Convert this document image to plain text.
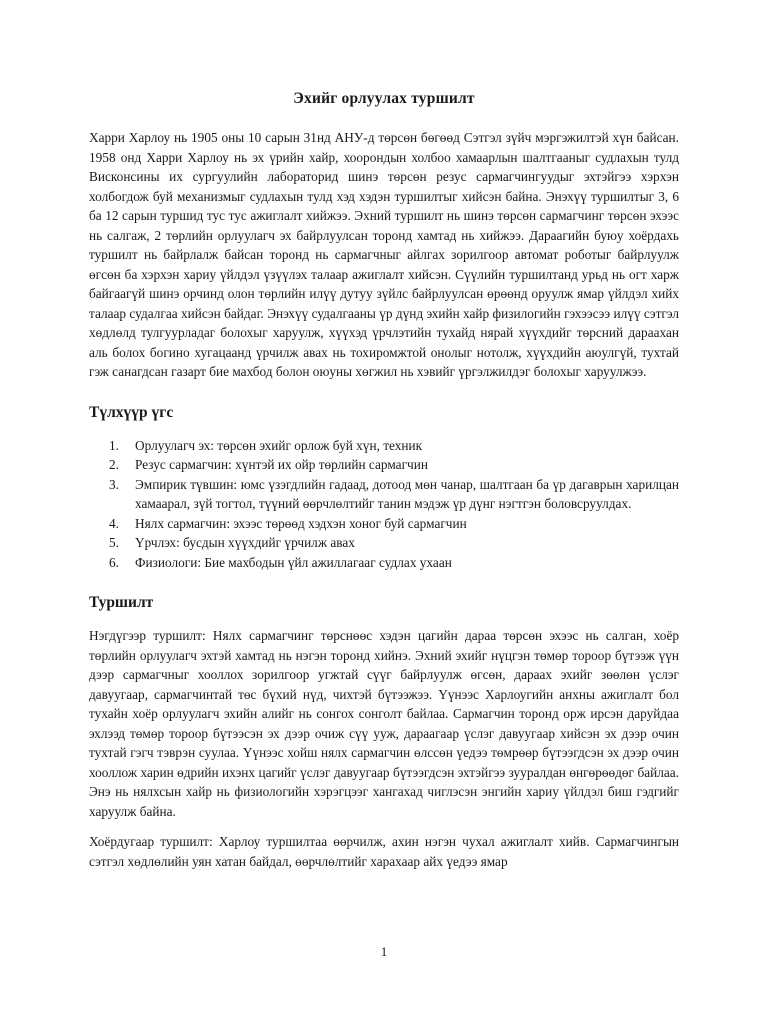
Эхийг орлуулах туршилт

Харри Харлоу нь 1905 оны 10 сарын 31нд АНУ-д төрсөн бөгөөд Сэтгэл зүйч мэргэжилтэй хүн байсан. 1958 онд Харри Харлоу нь эх үрийн хайр, хоорондын холбоо хамаарлын шалтгааныг судлахын тулд Висконсины их сургуулийн лабораторид шинэ төрсөн резус сармагчингуудыг эхтэйгээ хэрхэн холбогдож буй механизмыг судлахын тулд хэд хэдэн туршилтыг хийсэн байна. Энэхүү туршилтыг 3, 6 ба 12 сарын туршид тус тус ажиглалт хийжээ. Эхний туршилт нь шинэ төрсөн сармагчинг төрсөн эхээс нь салгаж, 2 төрлийн орлуулагч эх байрлуулсан торонд хамтад нь хийжээ. Дараагийн буюу хоёрдахь туршилт нь байрлалж байсан торонд нь сармагчныг айлгах зорилгоор автомат роботыг байрлуулж өгсөн ба хэрхэн хариу үйлдэл үзүүлэх талаар ажиглалт хийсэн. Сүүлийн туршилтанд урьд нь огт харж байгаагүй шинэ орчинд олон төрлийн илүү дутуу зүйлс байрлуулсан өрөөнд оруулж ямар үйлдэл хийх талаар судалгаа хийсэн байдаг. Энэхүү судалгааны үр дүнд эхийн хайр физилогийн гэхээсээ илүү сэтгэл хөдлөлд тулгуурладаг болохыг харуулж, хүүхэд үрчлэтийн тухайд нярай хүүхдийг төрсний дараахан аль болох богино хугацаанд үрчилж авах нь тохиромжтой онолыг нотолж, хүүхдийн аюулгүй, тухтай гэж санагдсан газарт бие махбод болон оюуны хөгжил нь хэвийг үргэлжилдэг болохыг харуулжээ.

Түлхүүр үгс
1.	Орлуулагч эх: төрсөн эхийг орлож буй хүн, техник
2.	Резус сармагчин: хүнтэй их ойр төрлийн сармагчин
3.	Эмпирик түвшин: юмс үзэгдлийн гадаад, дотоод мөн чанар, шалтгаан ба үр дагаврын харилцан хамаарал, зүй тогтол, түүний өөрчлөлтийг танин мэдэж үр дүнг нэгтгэн боловсруулдах.
4.	Нялх сармагчин: эхээс төрөөд хэдхэн хоног буй сармагчин
5.	Үрчлэх: бусдын хүүхдийг үрчилж авах
6.	Физиологи: Бие махбодын үйл ажиллагааг судлах ухаан
Туршилт

Нэгдүгээр туршилт: Нялх сармагчинг төрснөөс хэдэн цагийн дараа төрсөн эхээс нь салган, хоёр төрлийн орлуулагч эхтэй хамтад нь нэгэн торонд хийнэ. Эхний эхийг нүцгэн төмөр тороор бүтээж үүн дээр сармагчныг хооллох зорилгоор угжтай сүүг байрлуулж өгсөн, дараах эхийг зөөлөн үслэг давуугаар, сармагчинтай төс бүхий нүд, чихтэй бүтээжээ. Үүнээс Харлоугийн анхны ажиглалт бол тухайн хоёр орлуулагч эхийн алийг нь сонгох сонголт байлаа. Сармагчин торонд орж ирсэн даруйдаа эхлээд төмөр тороор бүтээсэн эх дээр очиж сүү ууж, дараагаар үслэг давуугаар хийсэн эх дээр очин тухтай гэгч тэврэн суулаа. Үүнээс хойш нялх сармагчин өлссөн үедээ төмрөөр бүтээгдсэн эх дээр очин хооллож харин өдрийн ихэнх цагийг үслэг давуугаар бүтээгдсэн эхтэйгээ зууралдан өнгөрөөдөг байлаа. Энэ нь нялхсын хайр нь физиологийн хэрэгцээг хангахад чиглэсэн энгийн хариу үйлдэл биш гэдгийг харуулж байна.

Хоёрдугаар туршилт: Харлоу туршилтаа өөрчилж, ахин нэгэн чухал ажиглалт хийв. Сармагчингын сэтгэл хөдлөлийн уян хатан байдал, өөрчлөлтийг харахаар айх үедээ ямар

1
